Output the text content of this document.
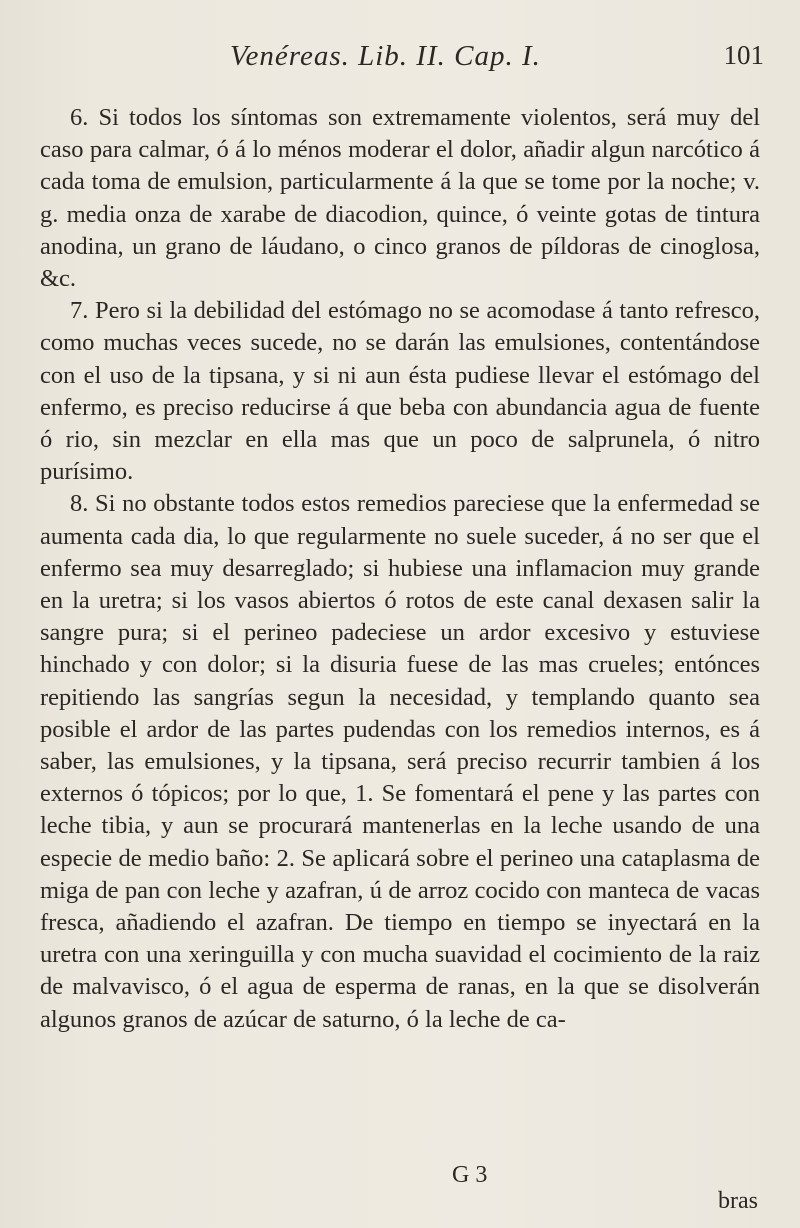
Venéreas. Lib. II. Cap. I.	101

6. Si todos los síntomas son extremamente violentos, será muy del caso para calmar, ó á lo ménos moderar el dolor, añadir algun narcótico á cada toma de emulsion, particularmente á la que se tome por la noche; v. g. media onza de xarabe de diacodion, quince, ó veinte gotas de tintura anodina, un grano de láudano, o cinco granos de píldoras de cinoglosa, &c.

7. Pero si la debilidad del estómago no se acomodase á tanto refresco, como muchas veces sucede, no se darán las emulsiones, contentándose con el uso de la tipsana, y si ni aun ésta pudiese llevar el estómago del enfermo, es preciso reducirse á que beba con abundancia agua de fuente ó rio, sin mezclar en ella mas que un poco de salprunela, ó nitro purísimo.

8. Si no obstante todos estos remedios pareciese que la enfermedad se aumenta cada dia, lo que regularmente no suele suceder, á no ser que el enfermo sea muy desarreglado; si hubiese una inflamacion muy grande en la uretra; si los vasos abiertos ó rotos de este canal dexasen salir la sangre pura; si el perineo padeciese un ardor excesivo y estuviese hinchado y con dolor; si la disuria fuese de las mas crueles; entónces repitiendo las sangrías segun la necesidad, y templando quanto sea posible el ardor de las partes pudendas con los remedios internos, es á saber, las emulsiones, y la tipsana, será preciso recurrir tambien á los externos ó tópicos; por lo que, 1. Se fomentará el pene y las partes con leche tibia, y aun se procurará mantenerlas en la leche usando de una especie de medio baño: 2. Se aplicará sobre el perineo una cataplasma de miga de pan con leche y azafran, ú de arroz cocido con manteca de vacas fresca, añadiendo el azafran. De tiempo en tiempo se inyectará en la uretra con una xeringuilla y con mucha suavidad el cocimiento de la raiz de malvavisco, ó el agua de esperma de ranas, en la que se disolverán algunos granos de azúcar de saturno, ó la leche de ca-

G 3
bras
